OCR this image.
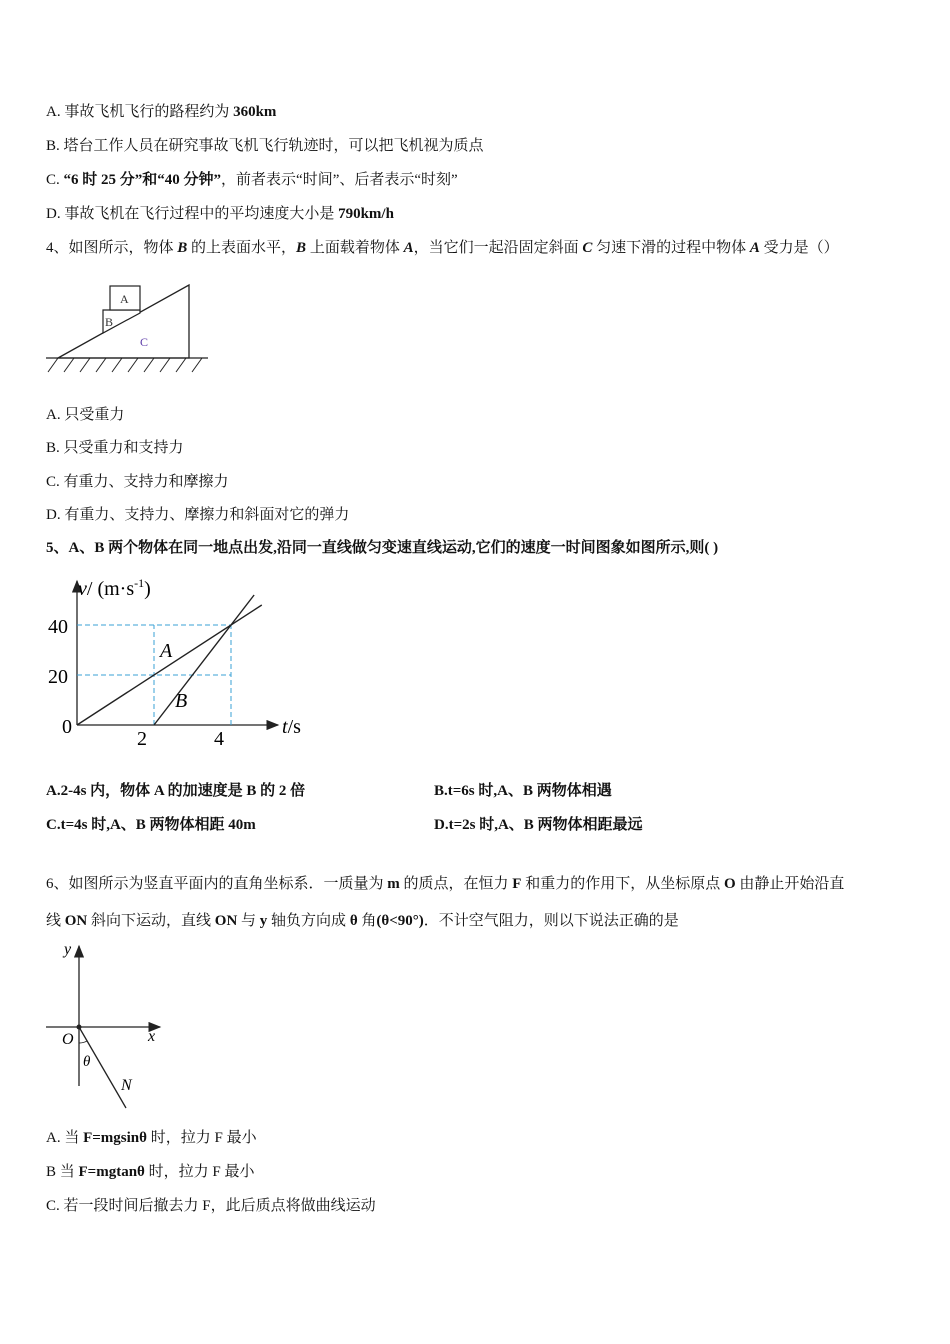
A. 事故飞机飞行的路程约为 360km
B. 塔台工作人员在研究事故飞机飞行轨迹时，可以把飞机视为质点
C. “6 时 25 分”和“40 分钟”，前者表示“时间”、后者表示“时刻”
D. 事故飞机在飞行过程中的平均速度大小是 790km/h
4、如图所示，物体 B 的上表面水平，B 上面载着物体 A，当它们一起沿固定斜面 C 匀速下滑的过程中物体 A 受力是（）
A
B
C
A. 只受重力
B. 只受重力和支持力
C. 有重力、支持力和摩擦力
D. 有重力、支持力、摩擦力和斜面对它的弹力
5、A、B 两个物体在同一地点出发,沿同一直线做匀变速直线运动,它们的速度一时间图象如图所示,则( )
v/ $(m\cdot s^{-1})$
t/s
0
40
20
2	4
A
B
A.2-4s 内，物体 A 的加速度是 B 的 2 倍	B.t=6s 时,A、B 两物体相遇
C.t=4s 时,A、B 两物体相距 40m	D.t=2s 时,A、B 两物体相距最远
6、如图所示为竖直平面内的直角坐标系．一质量为 m 的质点，在恒力 F 和重力的作用下，从坐标原点 O 由静止开始沿直
线 ON 斜向下运动，直线 ON 与 y 轴负方向成 θ 角(θ<90°)．不计空气阻力，则以下说法正确的是
y
x
O
θ
N
A. 当 F=mgsinθ 时，拉力 F 最小
B 当 F=mgtanθ 时，拉力 F 最小
C. 若一段时间后撤去力 F，此后质点将做曲线运动
